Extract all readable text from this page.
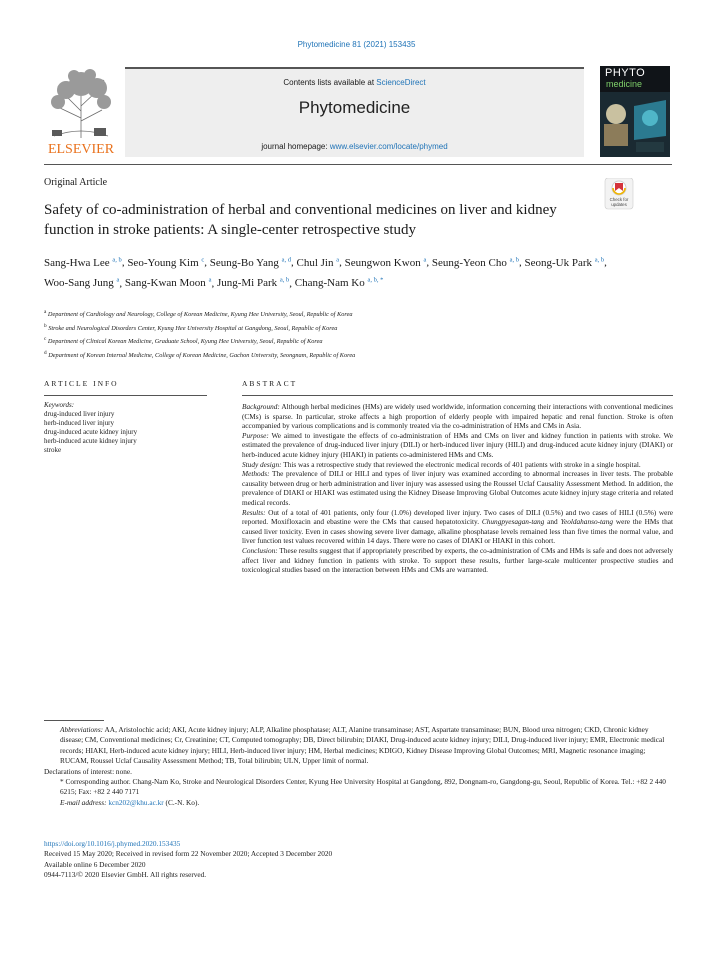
Phytomedicine 81 (2021) 153435
ELSEVIER
Contents lists available at ScienceDirect
Phytomedicine
journal homepage: www.elsevier.com/locate/phymed
PHYTO
medicine
Original Article
Check for
updates
Safety of co-administration of herbal and conventional medicines on liver and kidney function in stroke patients: A single-center retrospective study
Sang-Hwa Lee $^{a, b}$, Seo-Young Kim $^c$, Seung-Bo Yang $^{a, d}$, Chul Jin $^a$, Seungwon Kwon $^a$, Seung-Yeon Cho $^{a, b}$, Seong-Uk Park $^{a, b}$, Woo-Sang Jung $^a$, Sang-Kwan Moon $^a$, Jung-Mi Park $^{a, b}$, Chang-Nam Ko $^{a, b, *}$
$^a$ Department of Cardiology and Neurology, College of Korean Medicine, Kyung Hee University, Seoul, Republic of Korea
$^b$ Stroke and Neurological Disorders Center, Kyung Hee University Hospital at Gangdong, Seoul, Republic of Korea
$^c$ Department of Clinical Korean Medicine, Graduate School, Kyung Hee University, Seoul, Republic of Korea
$^d$ Department of Korean Internal Medicine, College of Korean Medicine, Gachon University, Seongnam, Republic of Korea
ARTICLE INFO
Keywords:
drug-induced liver injury
herb-induced liver injury
drug-induced acute kidney injury
herb-induced acute kidney injury
stroke
ABSTRACT

Background: Although herbal medicines (HMs) are widely used worldwide, information concerning their interactions with conventional medicines (CMs) is sparse. In particular, stroke affects a high proportion of elderly people with impaired hepatic and renal function. Stroke is often accompanied by various complications and is commonly treated via the co-administration of HMs and CMs in Asia.

Purpose: We aimed to investigate the effects of co-administration of HMs and CMs on liver and kidney function in patients with stroke. We estimated the prevalence of drug-induced liver injury (DILI) or herb-induced liver injury (HILI) and drug-induced acute kidney injury (DIAKI) or herb-induced acute kidney injury (HIAKI) in patients co-administered HMs and CMs.

Study design: This was a retrospective study that reviewed the electronic medical records of 401 patients with stroke in a single hospital.

Methods: The prevalence of DILI or HILI and types of liver injury was examined according to abnormal increases in liver tests. The probable causality between drug or herb administration and liver injury was assessed using the Roussel Uclaf Causality Assessment Method. In addition, the prevalence of DIAKI or HIAKI was estimated using the Kidney Disease Improving Global Outcomes acute kidney injury stage criteria and related medical records.

Results: Out of a total of 401 patients, only four (1.0%) developed liver injury. Two cases of DILI (0.5%) and two cases of HILI (0.5%) were reported. Moxifloxacin and ebastine were the CMs that caused hepatotoxicity. Chungpyesagan-tang and Yeoldahanso-tang were the HMs that caused liver toxicity. Even in cases showing severe liver damage, alkaline phosphatase levels remained less than five times the normal value, and liver function test values recovered within 14 days. There were no cases of DIAKI or HIAKI in this cohort.

Conclusion: These results suggest that if appropriately prescribed by experts, the co-administration of CMs and HMs is safe and does not adversely affect liver and kidney function in patients with stroke. To support these results, further large-scale multicenter prospective studies and toxicological studies based on the interaction between HMs and CMs are warranted.

Abbreviations: AA, Aristolochic acid; AKI, Acute kidney injury; ALP, Alkaline phosphatase; ALT, Alanine transaminase; AST, Aspartate transaminase; BUN, Blood urea nitrogen; CKD, Chronic kidney disease; CM, Conventional medicines; Cr, Creatinine; CT, Computed tomography; DB, Direct bilirubin; DIAKI, Drug-induced acute kidney injury; DILI, Drug-induced liver injury; EMR, Electronic medical records; HIAKI, Herb-induced acute kidney injury; HILI, Herb-induced liver injury; HM, Herbal medicines; KDIGO, Kidney Disease Improving Global Outcomes; MRI, Magnetic resonance imaging; RUCAM, Roussel Uclaf Causality Assessment Method; TB, Total bilirubin; ULN, Upper limit of normal.

Declarations of interest: none.

* Corresponding author. Chang-Nam Ko, Stroke and Neurological Disorders Center, Kyung Hee University Hospital at Gangdong, 892, Dongnam-ro, Gangdong-gu, Seoul, Republic of Korea. Tel.: +82 2 440 6215; Fax: +82 2 440 7171

E-mail address: kcn202@khu.ac.kr (C.-N. Ko).

https://doi.org/10.1016/j.phymed.2020.153435

Received 15 May 2020; Received in revised form 22 November 2020; Accepted 3 December 2020

Available online 6 December 2020

0944-7113/© 2020 Elsevier GmbH. All rights reserved.
